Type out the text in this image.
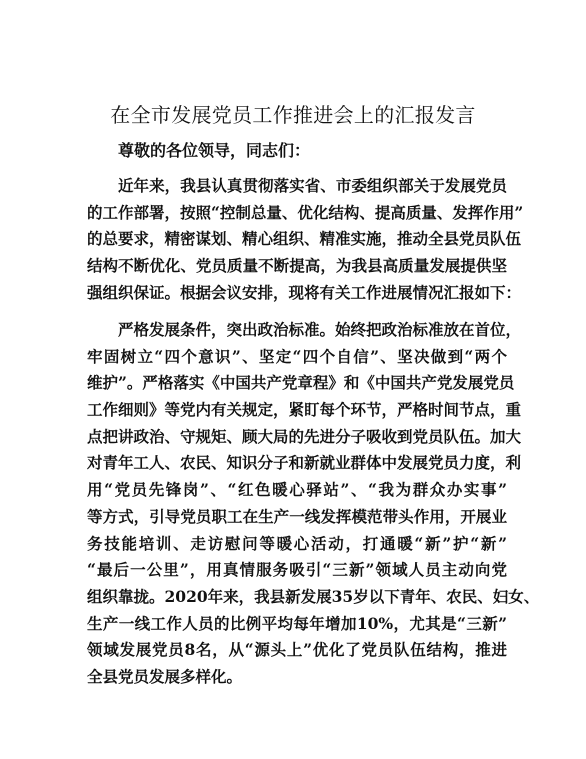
在全市发展党员工作推进会上的汇报发言
尊敬的各位领导，同志们：
近年来，我县认真贯彻落实省、市委组织部关于发展党员
的工作部署，按照“控制总量、优化结构、提高质量、发挥作用”
的总要求，精密谋划、精心组织、精准实施，推动全县党员队伍
结构不断优化、党员质量不断提高，为我县高质量发展提供坚
强组织保证。根据会议安排，现将有关工作进展情况汇报如下：
严格发展条件，突出政治标准。始终把政治标准放在首位，
牢固树立“四个意识”、坚定“四个自信”、坚决做到“两个
维护”。严格落实《中国共产党章程》和《中国共产党发展党员
工作细则》等党内有关规定，紧盯每个环节，严格时间节点，重
点把讲政治、守规矩、顾大局的先进分子吸收到党员队伍。加大
对青年工人、农民、知识分子和新就业群体中发展党员力度，利
用“党员先锋岗”、“红色暖心驿站”、“我为群众办实事”
等方式，引导党员职工在生产一线发挥模范带头作用，开展业
务技能培训、走访慰问等暖心活动，打通暖“新”护“新”
“最后一公里”，用真情服务吸引“三新”领域人员主动向党
组织靠拢。2020年来，我县新发展35岁以下青年、农民、妇女、
生产一线工作人员的比例平均每年增加10%，尤其是“三新”
领域发展党员8名，从“源头上”优化了党员队伍结构，推进
全县党员发展多样化。
